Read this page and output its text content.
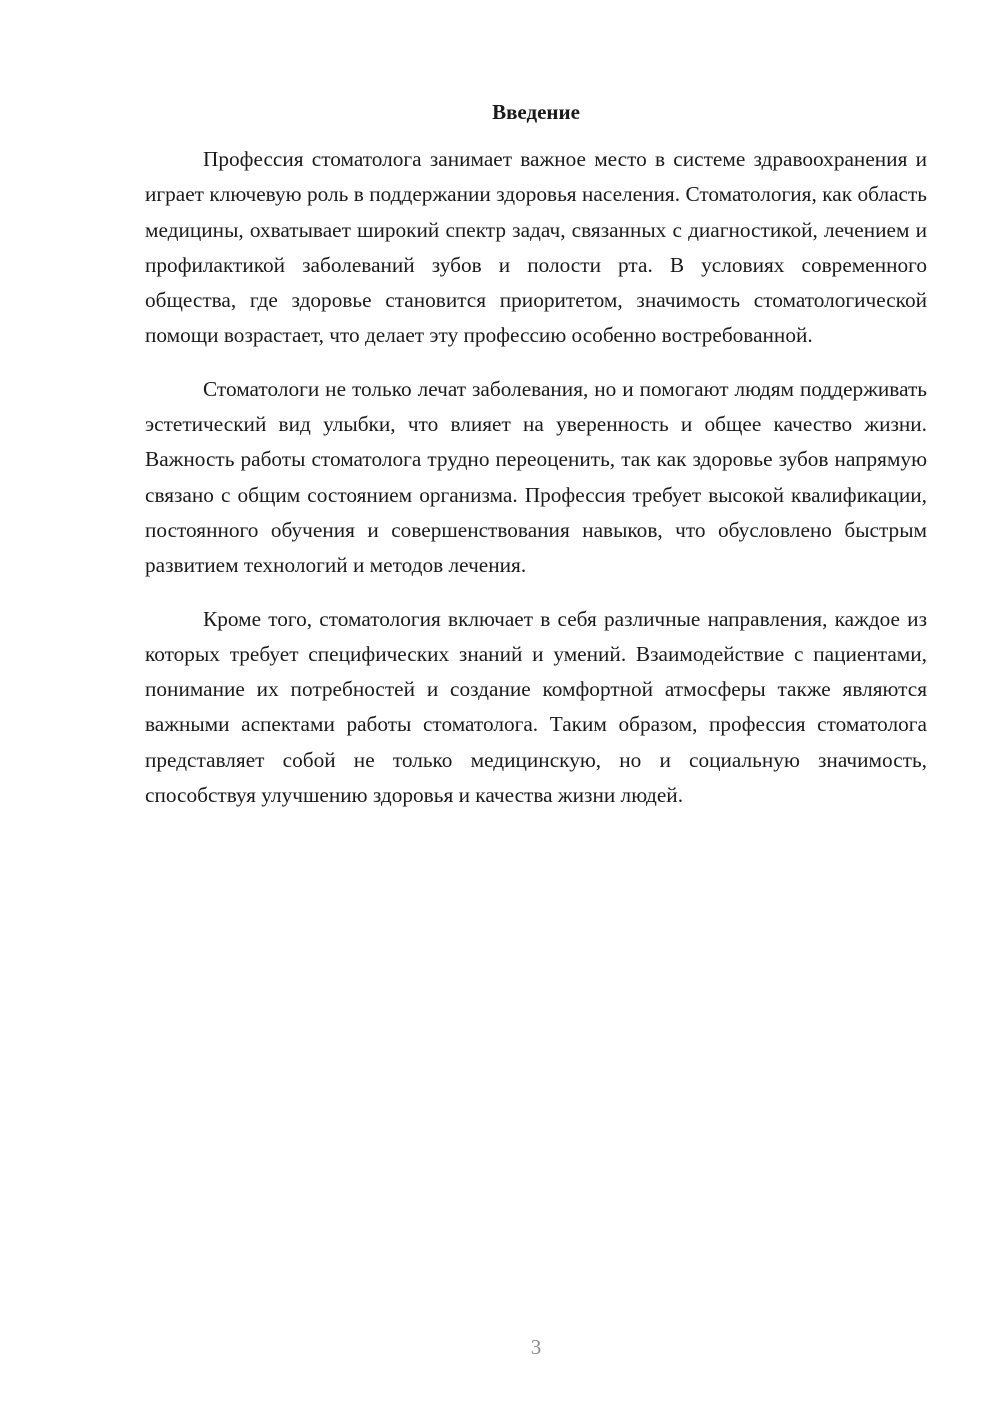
Введение

Профессия стоматолога занимает важное место в системе здравоохранения и играет ключевую роль в поддержании здоровья населения. Стоматология, как область медицины, охватывает широкий спектр задач, связанных с диагностикой, лечением и профилактикой заболеваний зубов и полости рта. В условиях современного общества, где здоровье становится приоритетом, значимость стоматологической помощи возрастает, что делает эту профессию особенно востребованной.

Стоматологи не только лечат заболевания, но и помогают людям поддерживать эстетический вид улыбки, что влияет на уверенность и общее качество жизни. Важность работы стоматолога трудно переоценить, так как здоровье зубов напрямую связано с общим состоянием организма. Профессия требует высокой квалификации, постоянного обучения и совершенствования навыков, что обусловлено быстрым развитием технологий и методов лечения.

Кроме того, стоматология включает в себя различные направления, каждое из которых требует специфических знаний и умений. Взаимодействие с пациентами, понимание их потребностей и создание комфортной атмосферы также являются важными аспектами работы стоматолога. Таким образом, профессия стоматолога представляет собой не только медицинскую, но и социальную значимость, способствуя улучшению здоровья и качества жизни людей.

3
